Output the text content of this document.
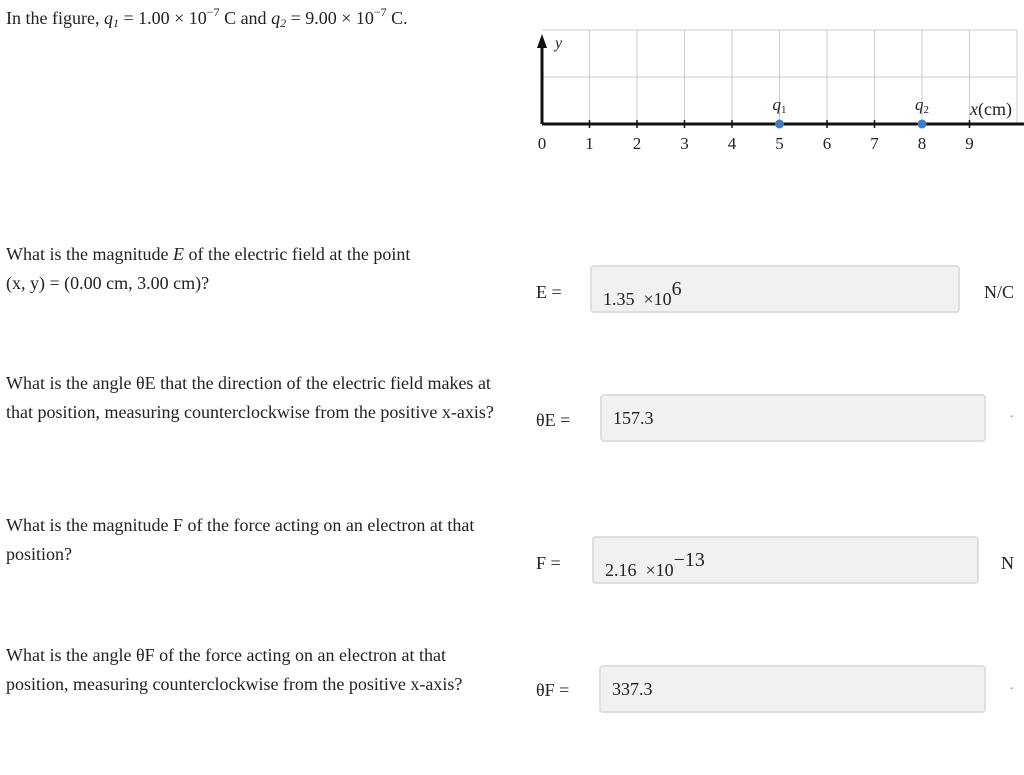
In the figure, $q1 = 1.00 \times 10^{-7}$ C and $q2 = 9.00 \times 10^{-7}$ C.
0 1 2 3 4 5 6 7 8 9
q1	q2
y
x(cm)
What is the magnitude E of the electric field at the point
(x, y) = (0.00 cm, 3.00 cm)?	E =	1.35 ×106	N/C
What is the angle θE that the direction of the electric field makes at that position, measuring counterclockwise from the positive x-axis? θE =	157.3	.
What is the magnitude F of the force acting on an electron at that position?	F =	2.16 ×10−13	N
What is the angle θF of the force acting on an electron at that position, measuring counterclockwise from the positive x-axis?	θF =	337.3	.
